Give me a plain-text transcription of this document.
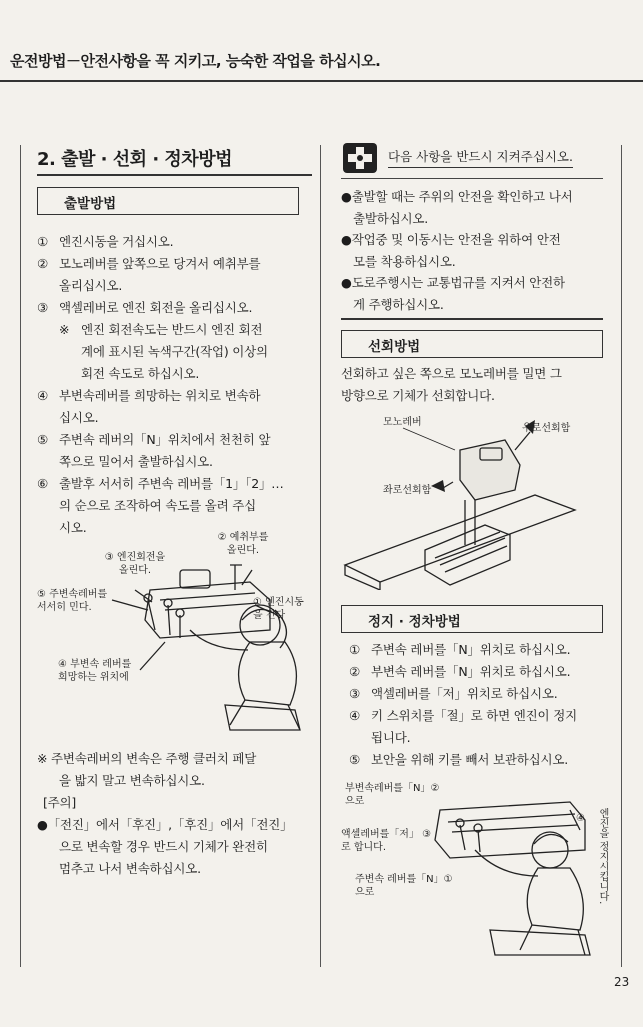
운전방법－안전사항을 꼭 지키고, 능숙한 작업을 하십시오.
2. 출발 · 선회 · 정차방법
출발방법
① 엔진시동을 거십시오.
② 모노레버를 앞쪽으로 당겨서 예취부를
올리십시오.
③ 액셀레버로 엔진 회전을 올리십시오.
※ 엔진 회전속도는 반드시 엔진 회전
계에 표시된 녹색구간(작업) 이상의
회전 속도로 하십시오.
④ 부변속레버를 희망하는 위치로 변속하
십시오.
⑤ 주변속 레버의「N」위치에서 천천히 앞
쪽으로 밀어서 출발하십시오.
⑥ 출발후 서서히 주변속 레버를「1」「2」…
의 순으로 조작하여 속도를 올려 주십
시오.
② 예취부를
올린다.
③ 엔진회전을
올린다.
⑤ 주변속레버를
서서히 민다.	① 엔진시동
을 건다
④ 부변속 레버를
희망하는 위치에
※ 주변속레버의 변속은 주행 클러치 페달
을 밟지 말고 변속하십시오.
[주의]
●「전진」에서「후진」,「후진」에서「전진」
으로 변속할 경우 반드시 기체가 완전히
멈추고 나서 변속하십시오.
다음 사항을 반드시 지켜주십시오.
●출발할 때는 주위의 안전을 확인하고 나서
출발하십시오.
●작업중 및 이동시는 안전을 위하여 안전
모를 착용하십시오.
●도로주행시는 교통법규를 지켜서 안전하
게 주행하십시오.
선회방법
선회하고 싶은 쪽으로 모노레버를 밀면 그
방향으로 기체가 선회합니다.
모노레버
우로선회함
좌로선회함
정지 · 정차방법
① 주변속 레버를「N」위치로 하십시오.
② 부변속 레버를「N」위치로 하십시오.
③ 액셀레버를「저」위치로 하십시오.
④ 키 스위치를「절」로 하면 엔진이 정지
됩니다.
⑤ 보안을 위해 키를 빼서 보관하십시오.
부변속레버를「N」②
으로
액셀레버를「저」 ③
로 합니다.
주변속 레버를「N」①
으로
④	엔진을 정지시킵니다.
23
